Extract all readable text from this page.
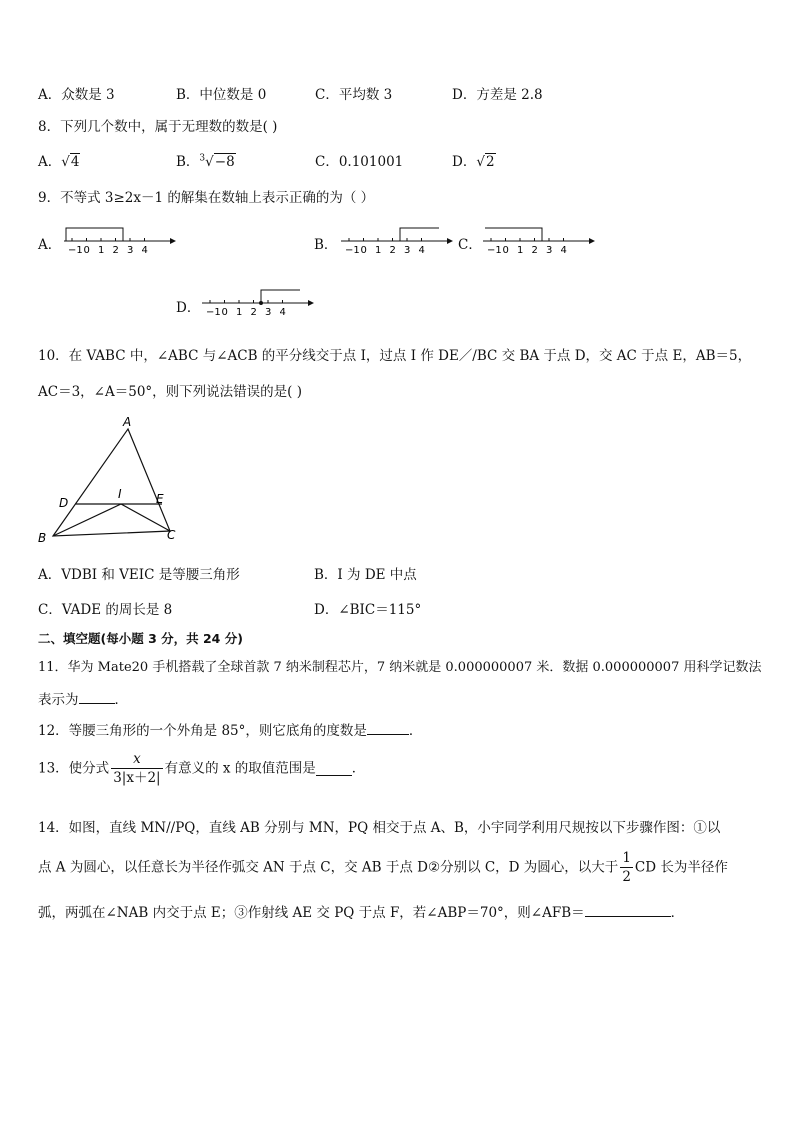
A．众数是 3	B．中位数是 0	C．平均数 3	D．方差是 2.8
8．下列几个数中，属于无理数的数是( )
A．√4	B．$^3$√−8	C．0.101001	D．√2
9．不等式 3≥2x－1 的解集在数轴上表示正确的为（ ）
A． −1 0 1 2 3 4	B． −1 0 1 2 3 4 C． −1 0 1 2 3 4
D． −1 0 1 2 3 4
10．在 VABC 中，∠ABC 与∠ACB 的平分线交于点 I，过点 I 作 DE／/BC 交 BA 于点 D，交 AC 于点 E，AB＝5，
AC＝3，∠A＝50°，则下列说法错误的是( )
A
B	C
D	E
I
A．VDBI 和 VEIC 是等腰三角形	B．I 为 DE 中点
C．VADE 的周长是 8	D．∠BIC＝115°
二、填空题(每小题 3 分，共 24 分)
11．华为 Mate20 手机搭载了全球首款 7 纳米制程芯片，7 纳米就是 0.000000007 米．数据 0.000000007 用科学记数法
表示为	．
12．等腰三角形的一个外角是 85°，则它底角的度数是	．
13．使分式 $\frac{x}{3|x+2|}$ 有意义的 x 的取值范围是	．
14．如图，直线 MN//PQ，直线 AB 分别与 MN，PQ 相交于点 A、B，小宇同学利用尺规按以下步骤作图：①以
点 A 为圆心，以任意长为半径作弧交 AN 于点 C，交 AB 于点 D②分别以 C，D 为圆心，以大于 $\frac{1}{2}$ CD 长为半径作
弧，两弧在∠NAB 内交于点 E；③作射线 AE 交 PQ 于点 F，若∠ABP＝70°，则∠AFB＝	．
